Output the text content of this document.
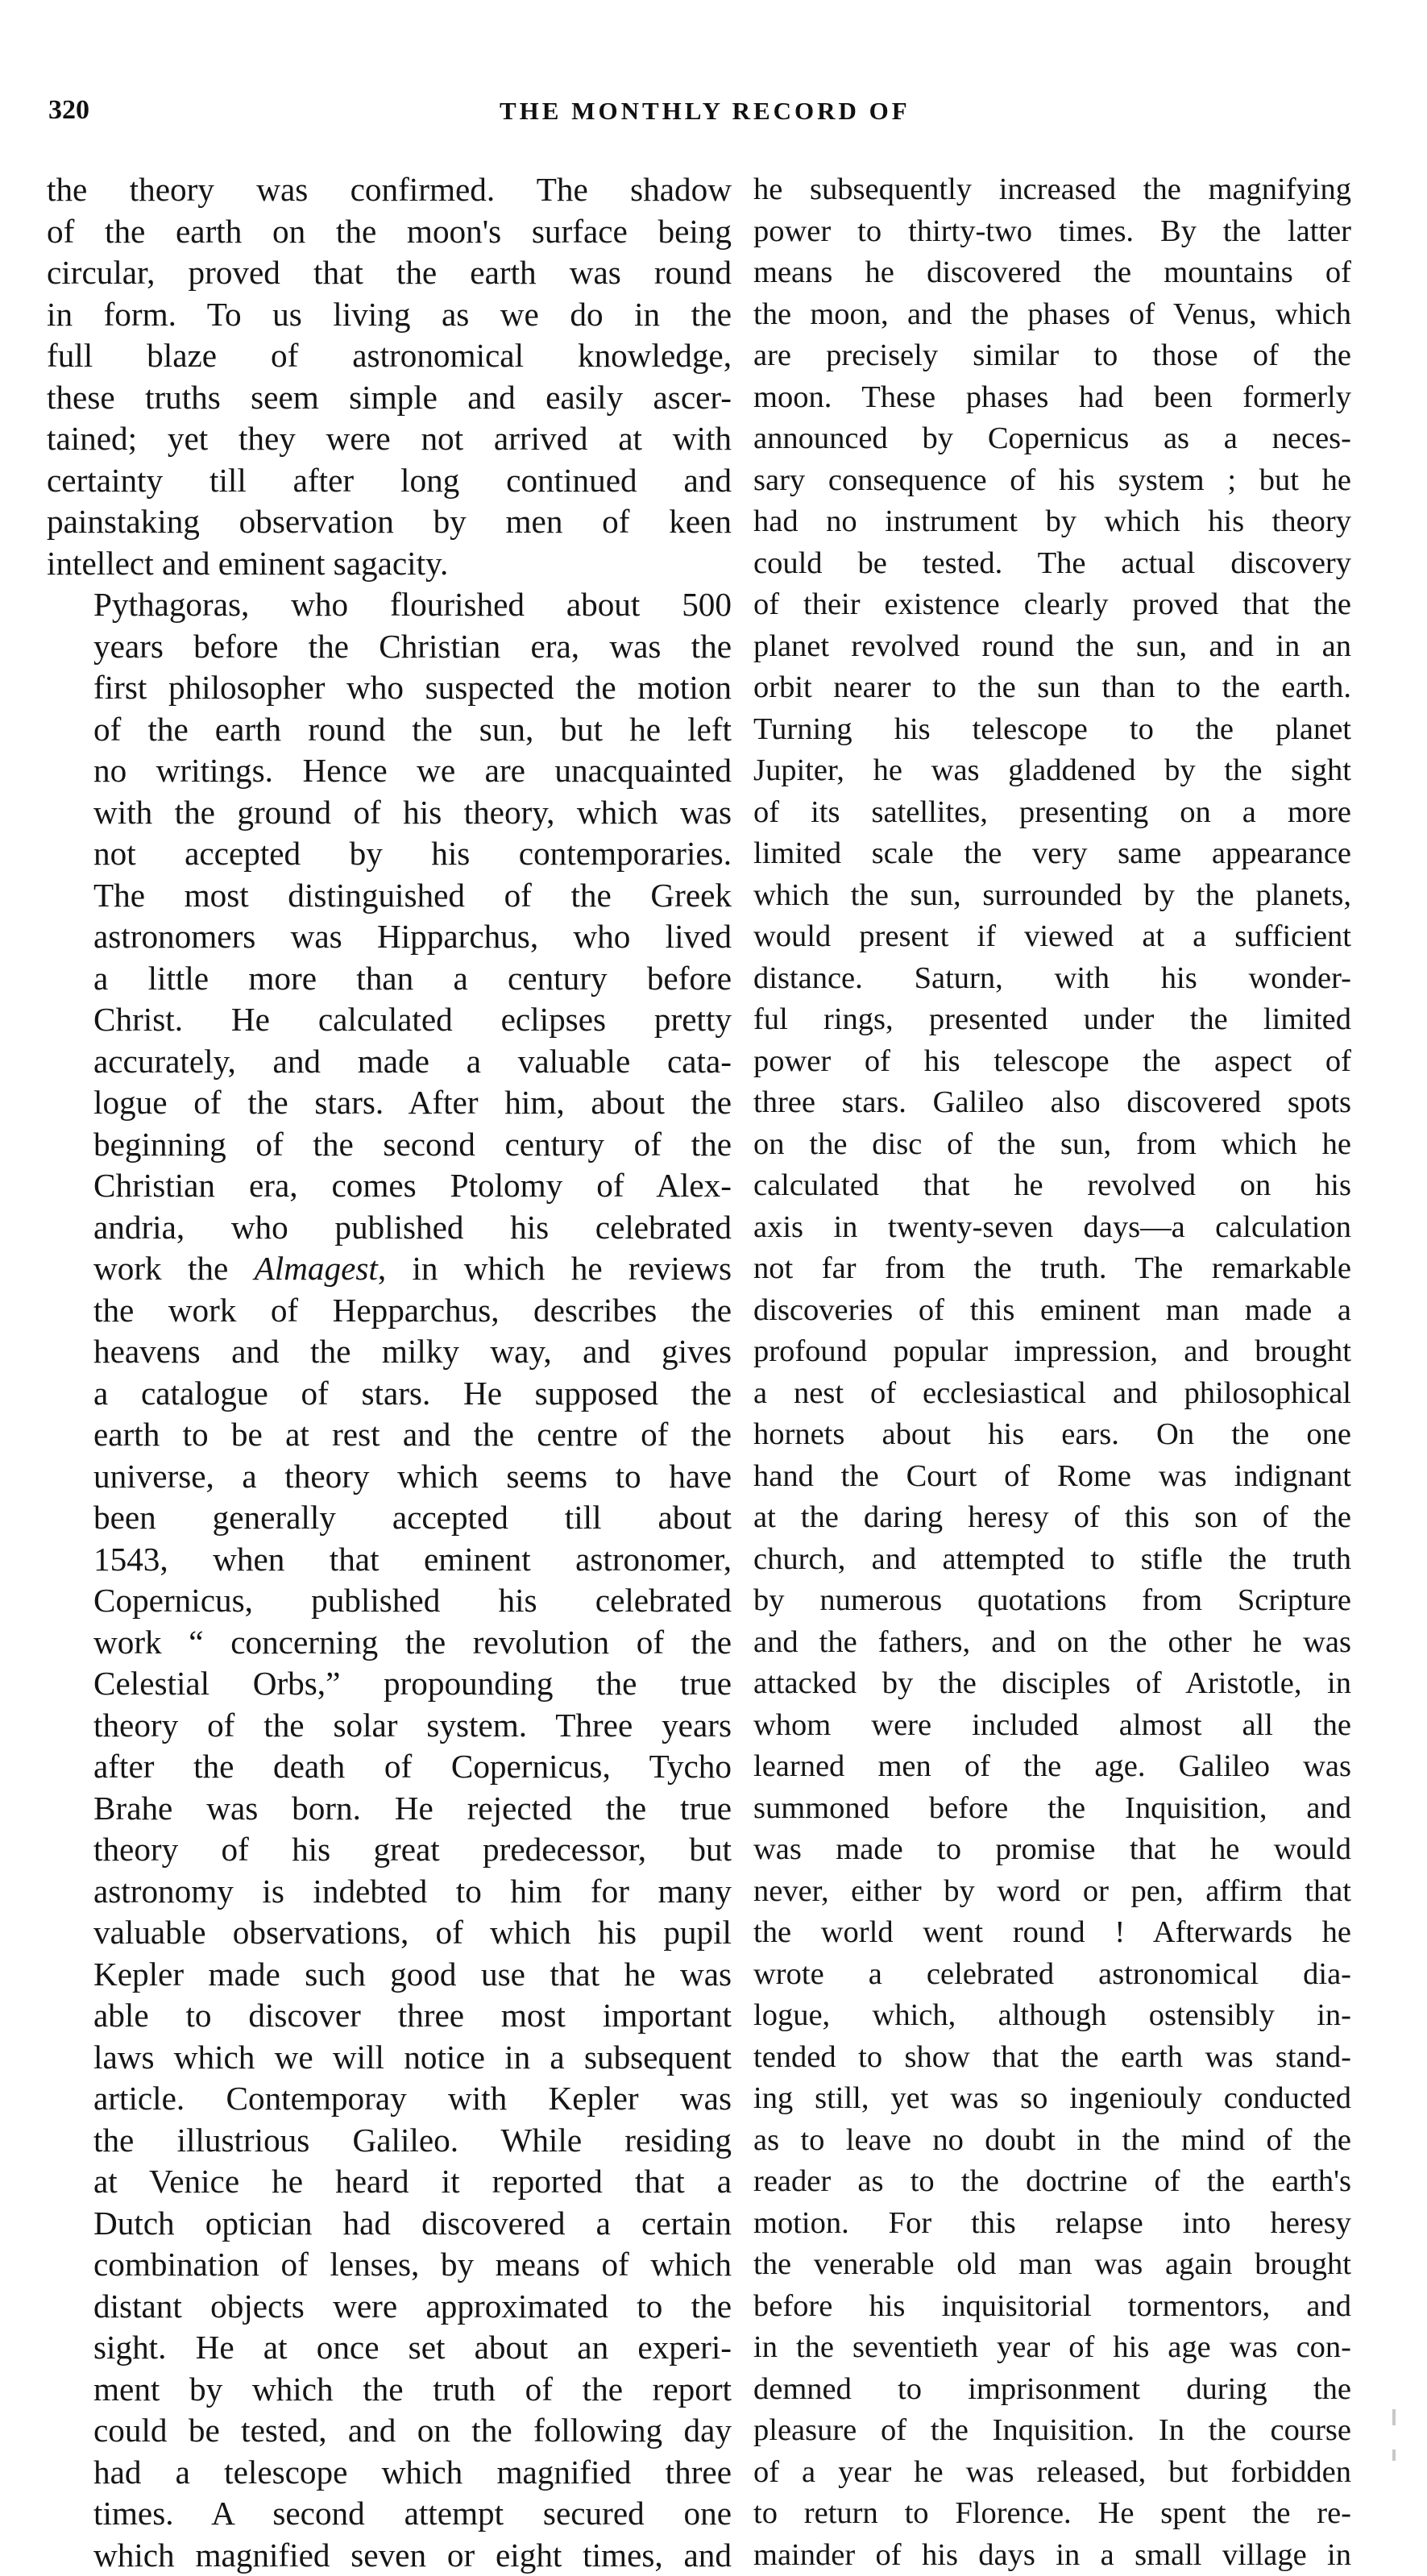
320	THE MONTHLY RECORD OF
the theory was confirmed. The shadow
of the earth on the moon's surface being
circular, proved that the earth was round
in form. To us living as we do in the
full blaze of astronomical knowledge,
these truths seem simple and easily ascer-
tained; yet they were not arrived at with
certainty till after long continued and
painstaking observation by men of keen
intellect and eminent sagacity.
Pythagoras, who flourished about 500
years before the Christian era, was the
first philosopher who suspected the motion
of the earth round the sun, but he left
no writings. Hence we are unacquainted
with the ground of his theory, which was
not accepted by his contemporaries.
The most distinguished of the Greek
astronomers was Hipparchus, who lived
a little more than a century before
Christ. He calculated eclipses pretty
accurately, and made a valuable cata-
logue of the stars. After him, about the
beginning of the second century of the
Christian era, comes Ptolomy of Alex-
andria, who published his celebrated
work the Almagest, in which he reviews
the work of Hepparchus, describes the
heavens and the milky way, and gives
a catalogue of stars. He supposed the
earth to be at rest and the centre of the
universe, a theory which seems to have
been generally accepted till about
1543, when that eminent astronomer,
Copernicus, published his celebrated
work “ concerning the revolution of the
Celestial Orbs,” propounding the true
theory of the solar system. Three years
after the death of Copernicus, Tycho
Brahe was born. He rejected the true
theory of his great predecessor, but
astronomy is indebted to him for many
valuable observations, of which his pupil
Kepler made such good use that he was
able to discover three most important
laws which we will notice in a subsequent
article. Contemporay with Kepler was
the illustrious Galileo. While residing
at Venice he heard it reported that a
Dutch optician had discovered a certain
combination of lenses, by means of which
distant objects were approximated to the
sight. He at once set about an experi-
ment by which the truth of the report
could be tested, and on the following day
had a telescope which magnified three
times. A second attempt secured one
which magnified seven or eight times, and
he subsequently increased the magnifying
power to thirty-two times. By the latter
means he discovered the mountains of
the moon, and the phases of Venus, which
are precisely similar to those of the
moon. These phases had been formerly
announced by Copernicus as a neces-
sary consequence of his system ; but he
had no instrument by which his theory
could be tested. The actual discovery
of their existence clearly proved that the
planet revolved round the sun, and in an
orbit nearer to the sun than to the earth.
Turning his telescope to the planet
Jupiter, he was gladdened by the sight
of its satellites, presenting on a more
limited scale the very same appearance
which the sun, surrounded by the planets,
would present if viewed at a sufficient
distance. Saturn, with his wonder-
ful rings, presented under the limited
power of his telescope the aspect of
three stars. Galileo also discovered spots
on the disc of the sun, from which he
calculated that he revolved on his
axis in twenty-seven days—a calculation
not far from the truth. The remarkable
discoveries of this eminent man made a
profound popular impression, and brought
a nest of ecclesiastical and philosophical
hornets about his ears. On the one
hand the Court of Rome was indignant
at the daring heresy of this son of the
church, and attempted to stifle the truth
by numerous quotations from Scripture
and the fathers, and on the other he was
attacked by the disciples of Aristotle, in
whom were included almost all the
learned men of the age. Galileo was
summoned before the Inquisition, and
was made to promise that he would
never, either by word or pen, affirm that
the world went round ! Afterwards he
wrote a celebrated astronomical dia-
logue, which, although ostensibly in-
tended to show that the earth was stand-
ing still, yet was so ingeniouly conducted
as to leave no doubt in the mind of the
reader as to the doctrine of the earth's
motion. For this relapse into heresy
the venerable old man was again brought
before his inquisitorial tormentors, and
in the seventieth year of his age was con-
demned to imprisonment during the
pleasure of the Inquisition. In the course
of a year he was released, but forbidden
to return to Florence. He spent the re-
mainder of his days in a small village in
